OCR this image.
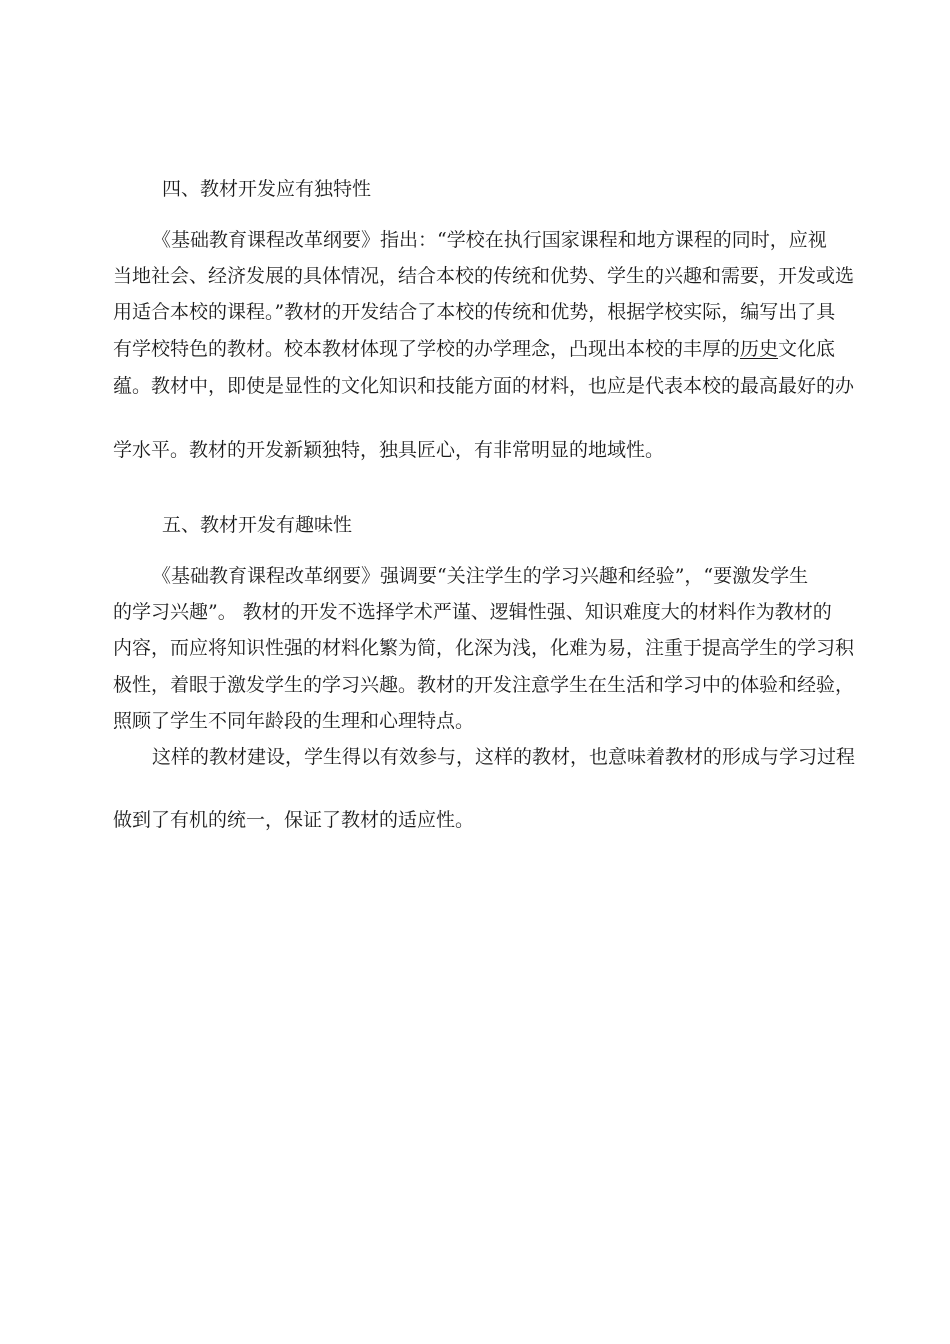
四、教材开发应有独特性
《基础教育课程改革纲要》指出：“学校在执行国家课程和地方课程的同时，应视
当地社会、经济发展的具体情况，结合本校的传统和优势、学生的兴趣和需要，开发或选
用适合本校的课程。”教材的开发结合了本校的传统和优势，根据学校实际，编写出了具
有学校特色的教材。校本教材体现了学校的办学理念，凸现出本校的丰厚的历史文化底
蕴。教材中，即使是显性的文化知识和技能方面的材料，也应是代表本校的最高最好的办
学水平。教材的开发新颖独特，独具匠心，有非常明显的地域性。
五、教材开发有趣味性
《基础教育课程改革纲要》强调要“关注学生的学习兴趣和经验”，“要激发学生
的学习兴趣”。 教材的开发不选择学术严谨、逻辑性强、知识难度大的材料作为教材的
内容，而应将知识性强的材料化繁为简，化深为浅，化难为易，注重于提高学生的学习积
极性，着眼于激发学生的学习兴趣。教材的开发注意学生在生活和学习中的体验和经验，
照顾了学生不同年龄段的生理和心理特点。
这样的教材建设，学生得以有效参与，这样的教材，也意味着教材的形成与学习过程
做到了有机的统一，保证了教材的适应性。
